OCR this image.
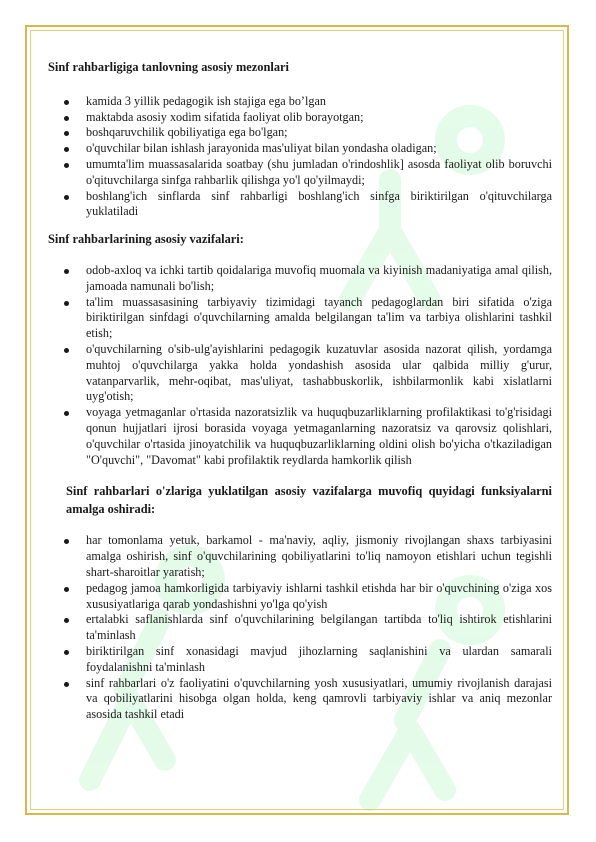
Sinf rahbarligiga tanlovning asosiy mezonlari
kamida 3 yillik pedagogik ish stajiga ega bo’lgan
maktabda asosiy xodim sifatida faoliyat olib borayotgan;
boshqaruvchilik qobiliyatiga ega bo'lgan;
o'quvchilar bilan ishlash jarayonida mas'uliyat bilan yondasha oladigan;
umumta'lim muassasalarida soatbay (shu jumladan o'rindoshlik] asosda faoliyat olib boruvchi o'qituvchilarga sinfga rahbarlik qilishga yo'l qo'yilmaydi;
boshlang'ich sinflarda sinf rahbarligi boshlang'ich sinfga biriktirilgan o'qituvchilarga yuklatiladi
Sinf rahbarlarining asosiy vazifalari:
odob-axloq va ichki tartib qoidalariga muvofiq muomala va kiyinish madaniyatiga amal qilish, jamoada namunali bo'lish;
ta'lim muassasasining tarbiyaviy tizimidagi tayanch pedagoglardan biri sifatida o'ziga biriktirilgan sinfdagi o'quvchilarning amalda belgilangan ta'lim va tarbiya olishlarini tashkil etish;
o'quvchilarning o'sib-ulg'ayishlarini pedagogik kuzatuvlar asosida nazorat qilish, yordamga muhtoj o'quvchilarga yakka holda yondashish asosida ular qalbida milliy g'urur, vatanparvarlik, mehr-oqibat, mas'uliyat, tashabbuskorlik, ishbilarmonlik kabi xislatlarni uyg'otish;
voyaga yetmaganlar o'rtasida nazoratsizlik va huquqbuzarliklarning profilaktikasi to'g'risidagi qonun hujjatlari ijrosi borasida voyaga yetmaganlarning nazoratsiz va qarovsiz qolishlari, o'quvchilar o'rtasida jinoyatchilik va huquqbuzarliklarning oldini olish bo'yicha o'tkaziladigan "O'quvchi", "Davomat" kabi profilaktik reydlarda hamkorlik qilish
Sinf rahbarlari o'zlariga yuklatilgan asosiy vazifalarga muvofiq quyidagi funksiyalarni amalga oshiradi:
har tomonlama yetuk, barkamol - ma'naviy, aqliy, jismoniy rivojlangan shaxs tarbiyasini amalga oshirish, sinf o'quvchilarining qobiliyatlarini to'liq namoyon etishlari uchun tegishli shart-sharoitlar yaratish;
pedagog jamoa hamkorligida tarbiyaviy ishlarni tashkil etishda har bir o'quvchining o'ziga xos xususiyatlariga qarab yondashishni yo'lga qo'yish
ertalabki saflanishlarda sinf o'quvchilarining belgilangan tartibda to'liq ishtirok etishlarini ta'minlash
biriktirilgan sinf xonasidagi mavjud jihozlarning saqlanishini va ulardan samarali foydalanishni ta'minlash
sinf rahbarlari o'z faoliyatini o'quvchilarning yosh xususiyatlari, umumiy rivojlanish darajasi va qobiliyatlarini hisobga olgan holda, keng qamrovli tarbiyaviy ishlar va aniq mezonlar asosida tashkil etadi
